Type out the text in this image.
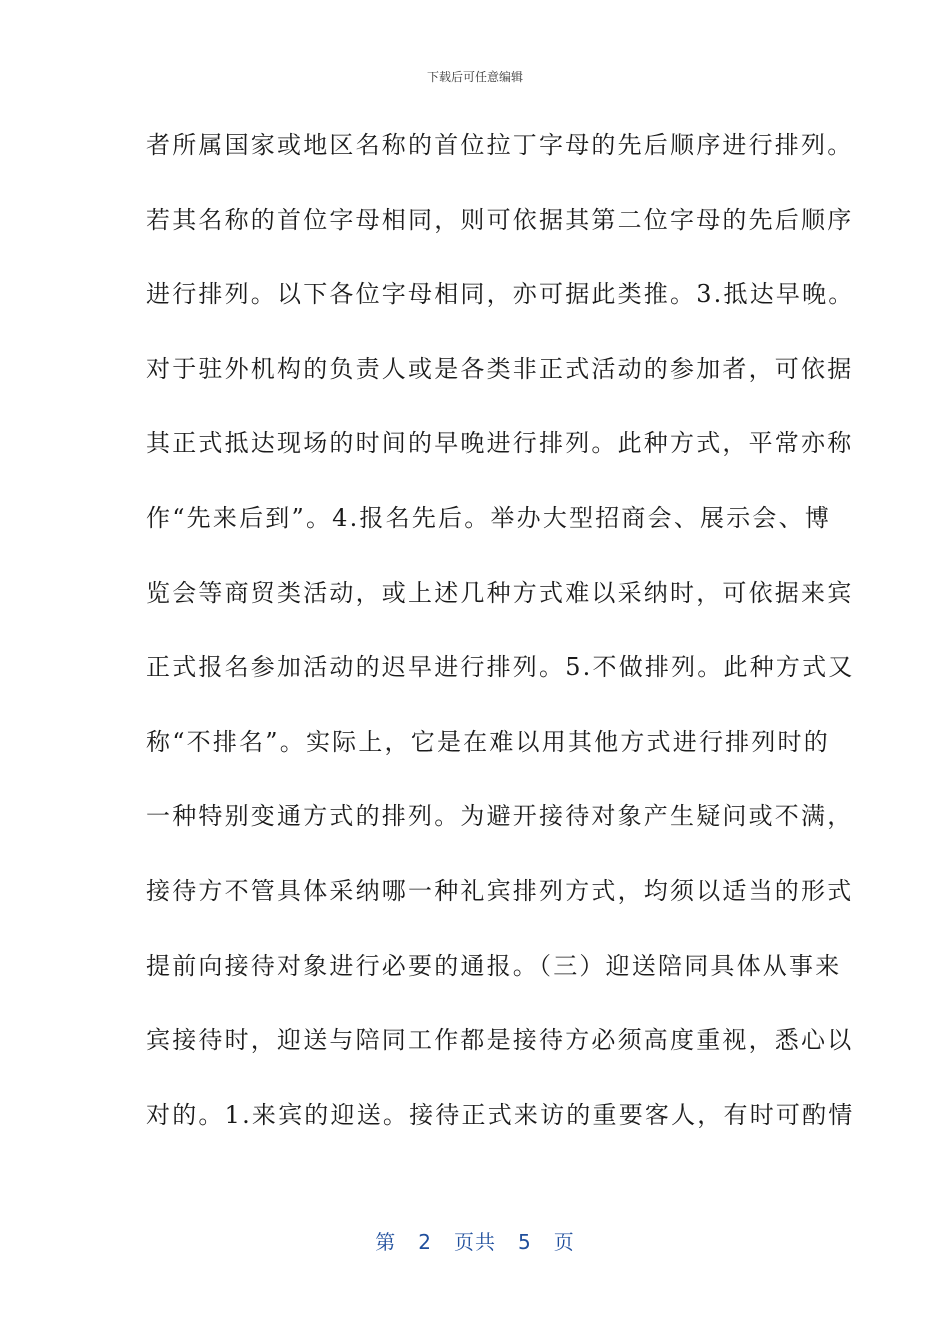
下载后可任意编辑
者所属国家或地区名称的首位拉丁字母的先后顺序进行排列。
若其名称的首位字母相同，则可依据其第二位字母的先后顺序
进行排列。以下各位字母相同，亦可据此类推。3.抵达早晚。
对于驻外机构的负责人或是各类非正式活动的参加者，可依据
其正式抵达现场的时间的早晚进行排列。此种方式，平常亦称
作“先来后到”。4.报名先后。举办大型招商会、展示会、博
览会等商贸类活动，或上述几种方式难以采纳时，可依据来宾
正式报名参加活动的迟早进行排列。5.不做排列。此种方式又
称“不排名”。实际上，它是在难以用其他方式进行排列时的
一种特别变通方式的排列。为避开接待对象产生疑问或不满，
接待方不管具体采纳哪一种礼宾排列方式，均须以适当的形式
提前向接待对象进行必要的通报。（三）迎送陪同具体从事来
宾接待时，迎送与陪同工作都是接待方必须高度重视，悉心以
对的。1.来宾的迎送。接待正式来访的重要客人，有时可酌情
第 2 页共 5 页
